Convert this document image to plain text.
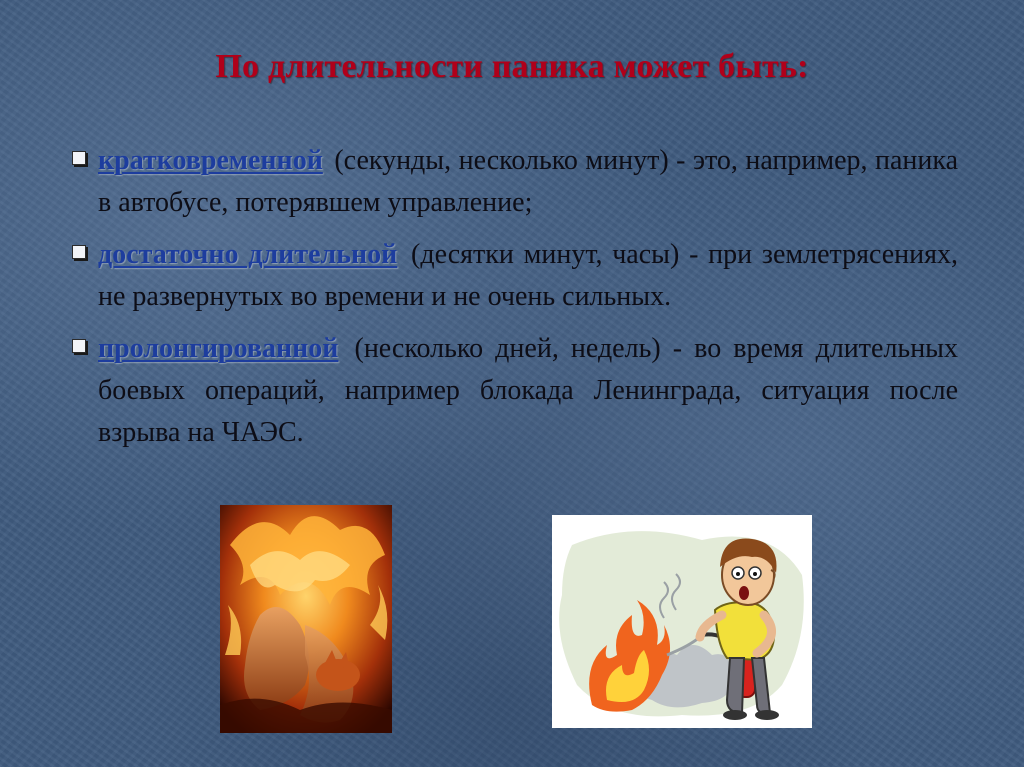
По длительности паника может быть:
кратковременной (секунды, несколько минут) - это, например, паника в автобусе, потерявшем управление;
достаточно длительной (десятки минут, часы) - при землетрясениях, не развернутых во времени и не очень сильных.
пролонгированной (несколько дней, недель) - во время длительных боевых операций, например блокада Ленинграда, ситуация после взрыва на ЧАЭС.
